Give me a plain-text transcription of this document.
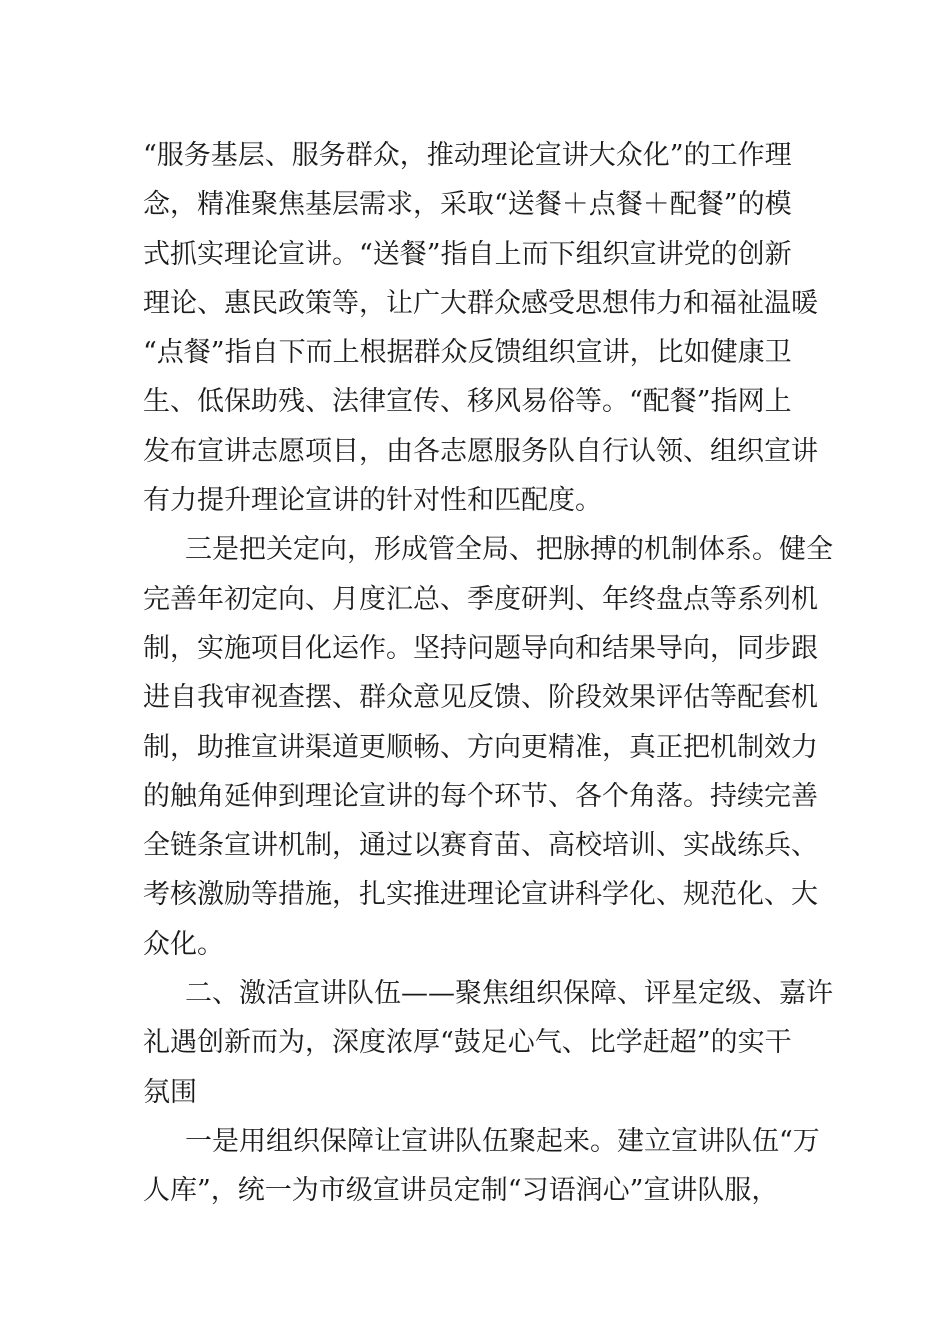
“服务基层、服务群众，推动理论宣讲大众化”的工作理
念，精准聚焦基层需求，采取“送餐＋点餐＋配餐”的模
式抓实理论宣讲。“送餐”指自上而下组织宣讲党的创新
理论、惠民政策等，让广大群众感受思想伟力和福祉温暖
“点餐”指自下而上根据群众反馈组织宣讲，比如健康卫
生、低保助残、法律宣传、移风易俗等。“配餐”指网上
发布宣讲志愿项目，由各志愿服务队自行认领、组织宣讲
有力提升理论宣讲的针对性和匹配度。
三是把关定向，形成管全局、把脉搏的机制体系。健全
完善年初定向、月度汇总、季度研判、年终盘点等系列机
制，实施项目化运作。坚持问题导向和结果导向，同步跟
进自我审视查摆、群众意见反馈、阶段效果评估等配套机
制，助推宣讲渠道更顺畅、方向更精准，真正把机制效力
的触角延伸到理论宣讲的每个环节、各个角落。持续完善
全链条宣讲机制，通过以赛育苗、高校培训、实战练兵、
考核激励等措施，扎实推进理论宣讲科学化、规范化、大
众化。
二、激活宣讲队伍——聚焦组织保障、评星定级、嘉许
礼遇创新而为，深度浓厚“鼓足心气、比学赶超”的实干
氛围
一是用组织保障让宣讲队伍聚起来。建立宣讲队伍“万
人库”，统一为市级宣讲员定制“习语润心”宣讲队服，
